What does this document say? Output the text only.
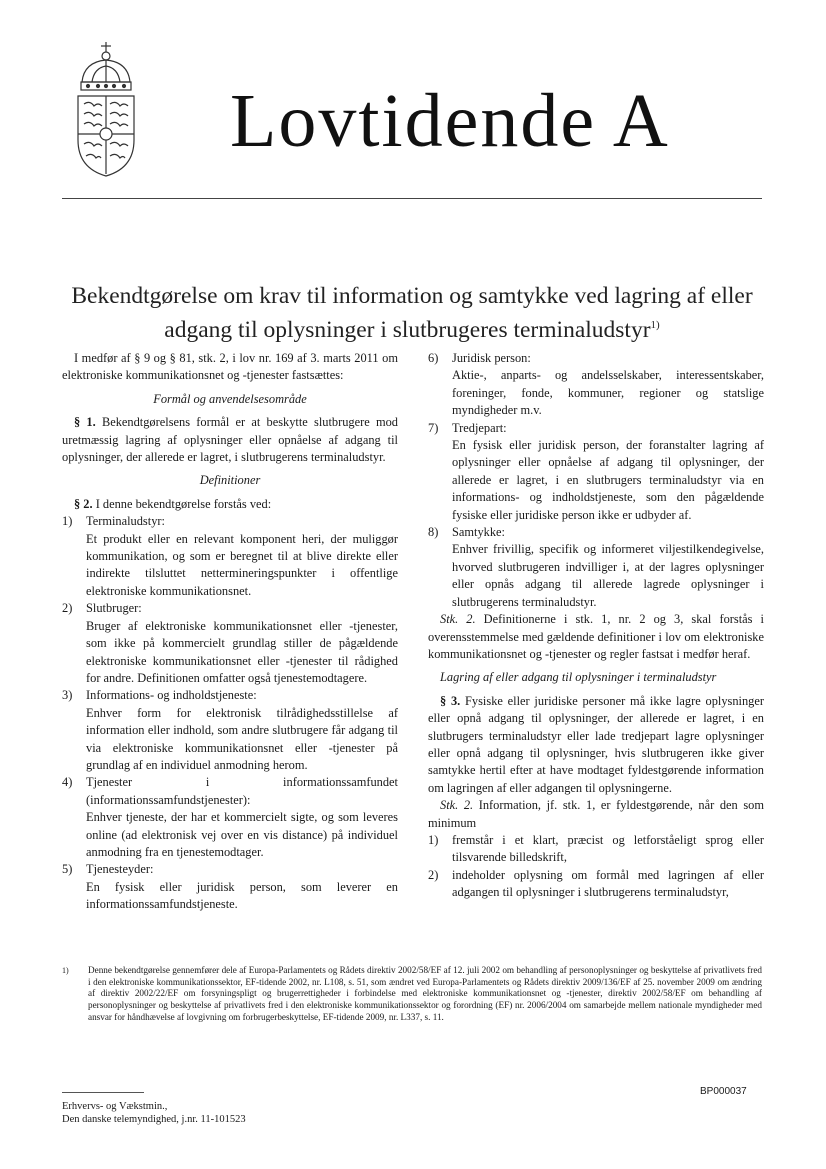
Lovtidende A
Bekendtgørelse om krav til information og samtykke ved lagring af eller
adgang til oplysninger i slutbrugeres terminaludstyr$^{1)}$

I medfør af § 9 og § 81, stk. 2, i lov nr. 169 af 3. marts 2011 om elektroniske kommunikationsnet og -tjenester fastsættes:

Formål og anvendelsesområde

§ 1. Bekendtgørelsens formål er at beskytte slutbrugere mod uretmæssig lagring af oplysninger eller opnåelse af adgang til oplysninger, der allerede er lagret, i slutbrugerens terminaludstyr.

Definitioner

§ 2. I denne bekendtgørelse forstås ved:

1)	Terminaludstyr:
Et produkt eller en relevant komponent heri, der muliggør kommunikation, og som er beregnet til at blive direkte eller indirekte tilsluttet nettermineringspunkter i offentlige elektroniske kommunikationsnet.
2)	Slutbruger:
Bruger af elektroniske kommunikationsnet eller -tjenester, som ikke på kommercielt grundlag stiller de pågældende elektroniske kommunikationsnet eller -tjenester til rådighed for andre. Definitionen omfatter også tjenestemodtagere.
3)	Informations- og indholdstjeneste:
Enhver form for elektronisk tilrådighedsstillelse af information eller indhold, som andre slutbrugere får adgang til via elektroniske kommunikationsnet eller -tjenester på grundlag af en individuel anmodning herom.
4)	Tjenester i informationssamfundet (informationssamfundstjenester):
Enhver tjeneste, der har et kommercielt sigte, og som leveres online (ad elektronisk vej over en vis distance) på individuel anmodning fra en tjenestemodtager.
5)	Tjenesteyder:
En fysisk eller juridisk person, som leverer en informationssamfundstjeneste.
6)	Juridisk person:
Aktie-, anparts- og andelsselskaber, interessentskaber, foreninger, fonde, kommuner, regioner og statslige myndigheder m.v.
7)	Tredjepart:
En fysisk eller juridisk person, der foranstalter lagring af oplysninger eller opnåelse af adgang til oplysninger, der allerede er lagret, i en slutbrugers terminaludstyr via en informations- og indholdstjeneste, som den pågældende fysiske eller juridiske person ikke er udbyder af.
8)	Samtykke:
Enhver frivillig, specifik og informeret viljestilkendegivelse, hvorved slutbrugeren indvilliger i, at der lagres oplysninger eller opnås adgang til allerede lagrede oplysninger i slutbrugerens terminaludstyr.

Stk. 2. Definitionerne i stk. 1, nr. 2 og 3, skal forstås i overensstemmelse med gældende definitioner i lov om elektroniske kommunikationsnet og -tjenester og regler fastsat i medfør heraf.

Lagring af eller adgang til oplysninger i terminaludstyr

§ 3. Fysiske eller juridiske personer må ikke lagre oplysninger eller opnå adgang til oplysninger, der allerede er lagret, i en slutbrugers terminaludstyr eller lade tredjepart lagre oplysninger eller opnå adgang til oplysninger, hvis slutbrugeren ikke giver samtykke hertil efter at have modtaget fyldestgørende information om lagringen af eller adgangen til oplysningerne.

Stk. 2. Information, jf. stk. 1, er fyldestgørende, når den som minimum

1)	fremstår i et klart, præcist og letforståeligt sprog eller tilsvarende billedskrift,
2)	indeholder oplysning om formål med lagringen af eller adgangen til oplysninger i slutbrugerens terminaludstyr,
1)	Denne bekendtgørelse gennemfører dele af Europa-Parlamentets og Rådets direktiv 2002/58/EF af 12. juli 2002 om behandling af personoplysninger og beskyttelse af privatlivets fred i den elektroniske kommunikationssektor, EF-tidende 2002, nr. L108, s. 51, som ændret ved Europa-Parlamentets og Rådets direktiv 2009/136/EF af 25. november 2009 om ændring af direktiv 2002/22/EF om forsyningspligt og brugerrettigheder i forbindelse med elektroniske kommunikationsnet og -tjenester, direktiv 2002/58/EF om behandling af personoplysninger og beskyttelse af privatlivets fred i den elektroniske kommunikationssektor og forordning (EF) nr. 2006/2004 om samarbejde mellem nationale myndigheder med ansvar for håndhævelse af lovgivning om forbrugerbeskyttelse, EF-tidende 2009, nr. L337, s. 11.
BP000037
Erhvervs- og Vækstmin.,
Den danske telemyndighed, j.nr. 11-101523
